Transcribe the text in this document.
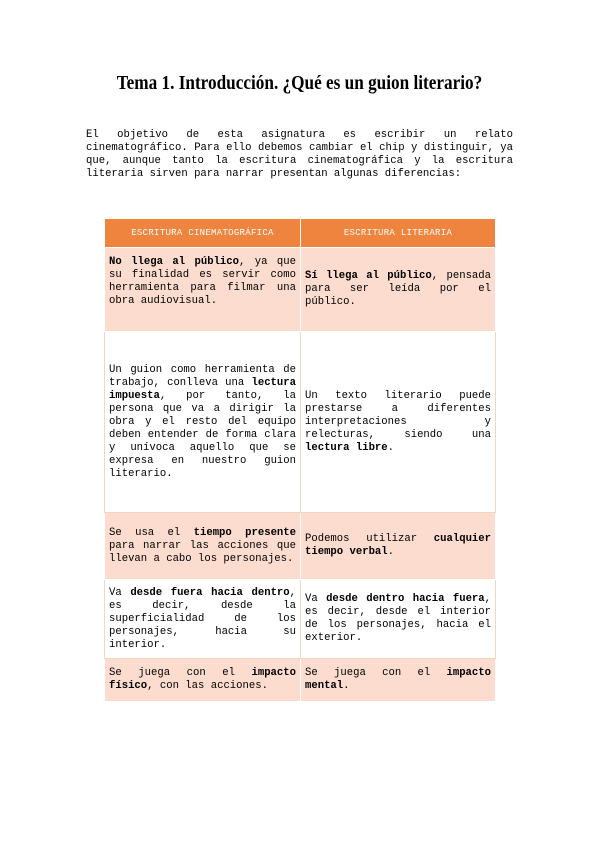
Tema 1. Introducción. ¿Qué es un guion literario?

El objetivo de esta asignatura es escribir un relato cinematográfico. Para ello debemos cambiar el chip y distinguir, ya que, aunque tanto la escritura cinematográfica y la escritura literaria sirven para narrar presentan algunas diferencias:

ESCRITURA CINEMATOGRÁFICA	ESCRITURA LITERARIA
No llega al público, ya que su finalidad es servir como herramienta para filmar una obra audiovisual.	Sí llega al público, pensada para ser leída por el público.
Un guion como herramienta de trabajo, conlleva una lectura impuesta, por tanto, la persona que va a dirigir la obra y el resto del equipo deben entender de forma clara y unívoca aquello que se expresa en nuestro guion literario.	Un texto literario puede prestarse a diferentes interpretaciones y relecturas, siendo una lectura libre.
Se usa el tiempo presente para narrar las acciones que llevan a cabo los personajes.	Podemos utilizar cualquier tiempo verbal.
Va desde fuera hacia dentro, es decir, desde la superficialidad de los personajes, hacia su interior.	Va desde dentro hacia fuera, es decir, desde el interior de los personajes, hacia el exterior.
Se juega con el impacto físico, con las acciones.	Se juega con el impacto mental.
